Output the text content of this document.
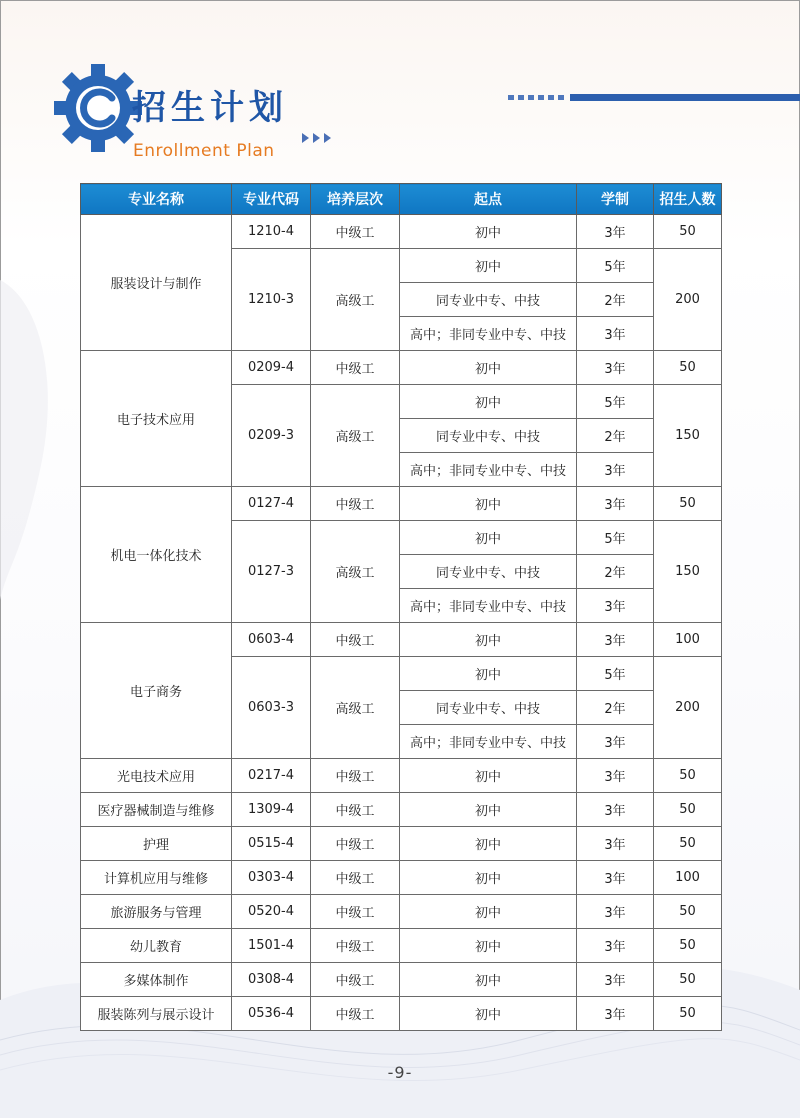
招生计划
Enrollment Plan
专业名称	专业代码	培养层次	起点	学制	招生人数
服装设计与制作	1210-4	中级工	初中	3年	50
	1210-3	高级工	初中	5年	200
			同专业中专、中技	2年	
			高中；非同专业中专、中技	3年	
电子技术应用	0209-4	中级工	初中	3年	50
	0209-3	高级工	初中	5年	150
			同专业中专、中技	2年	
			高中；非同专业中专、中技	3年	
机电一体化技术	0127-4	中级工	初中	3年	50
	0127-3	高级工	初中	5年	150
			同专业中专、中技	2年	
			高中；非同专业中专、中技	3年	
电子商务	0603-4	中级工	初中	3年	100
	0603-3	高级工	初中	5年	200
			同专业中专、中技	2年	
			高中；非同专业中专、中技	3年	
光电技术应用	0217-4	中级工	初中	3年	50
医疗器械制造与维修	1309-4	中级工	初中	3年	50
护理	0515-4	中级工	初中	3年	50
计算机应用与维修	0303-4	中级工	初中	3年	100
旅游服务与管理	0520-4	中级工	初中	3年	50
幼儿教育	1501-4	中级工	初中	3年	50
多媒体制作	0308-4	中级工	初中	3年	50
服装陈列与展示设计	0536-4	中级工	初中	3年	50
-9-
